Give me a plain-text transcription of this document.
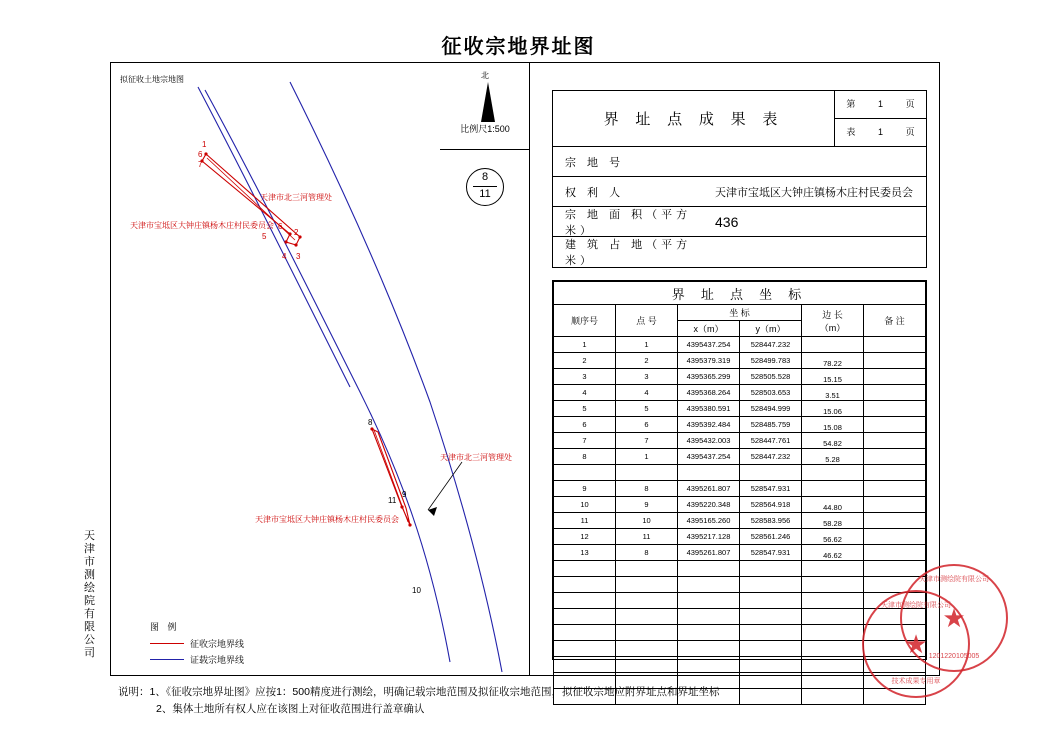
征收宗地界址图
拟征收土地宗地图
1
6
7
6
5	2
4 3
8
11
9
10
天津市北三河管理处
天津市宝坻区大钟庄镇杨木庄村民委员会
天津市北三河管理处
天津市宝坻区大钟庄镇杨木庄村民委员会
图 例
征收宗地界线
证载宗地界线
北
比例尺1:500
8
11
界 址 点 成 果 表
第	1	页
表	1	页
宗 地 号
权 利 人	天津市宝坻区大钟庄镇杨木庄村民委员会
宗 地 面 积（平方米）
436
建 筑 占 地（平方米）
界 址 点 坐 标					
顺序号	点 号	坐 标		边 长
（m）	备 注
		x（m）	y（m）		
1	1	4395437.254	528447.232		
2	2	4395379.319	528499.783	78.22	
3	3	4395365.299	528505.528	15.15	
4	4	4395368.264	528503.653	3.51	
5	5	4395380.591	528494.999	15.06	
6	6	4395392.484	528485.759	15.08	
7	7	4395432.003	528447.761	54.82	
8	1	4395437.254	528447.232	5.28	

9	8	4395261.807	528547.931		
10	9	4395220.348	528564.918	44.80	
11	10	4395165.260	528583.956	58.28	
12	11	4395217.128	528561.246	56.62	
13	8	4395261.807	528547.931	46.62	

天津市测绘院有限公司
说明：1、《征收宗地界址图》应按1：500精度进行测绘，明确记载宗地范围及拟征收宗地范围，拟征收宗地应附界址点和界址坐标
2、集体土地所有权人应在该图上对征收范围进行盖章确认
天津市测绘院有限公司
★
技术成果专用章
天津市测绘院有限公司
★
1201220105005
